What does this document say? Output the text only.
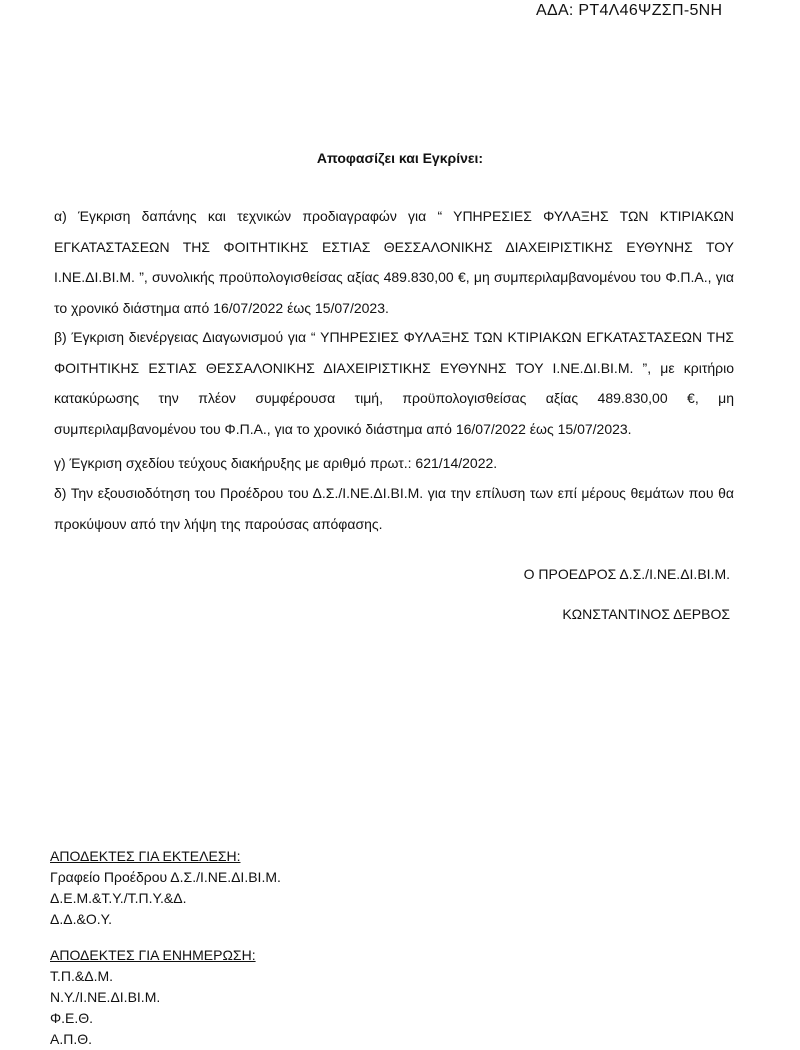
ΑΔΑ: ΡΤ4Λ46ΨΖΣΠ-5ΝΗ
Αποφασίζει και Εγκρίνει:

α) Έγκριση δαπάνης και τεχνικών προδιαγραφών για “ ΥΠΗΡΕΣΙΕΣ ΦΥΛΑΞΗΣ ΤΩΝ ΚΤΙΡΙΑΚΩΝ ΕΓΚΑΤΑΣΤΑΣΕΩΝ ΤΗΣ ΦΟΙΤΗΤΙΚΗΣ ΕΣΤΙΑΣ ΘΕΣΣΑΛΟΝΙΚΗΣ ΔΙΑΧΕΙΡΙΣΤΙΚΗΣ ΕΥΘΥΝΗΣ ΤΟΥ Ι.ΝΕ.ΔΙ.ΒΙ.Μ. ”, συνολικής προϋπολογισθείσας αξίας 489.830,00 €, μη συμπεριλαμβανομένου του Φ.Π.Α., για το χρονικό διάστημα από 16/07/2022 έως 15/07/2023.

β) Έγκριση διενέργειας Διαγωνισμού για “ ΥΠΗΡΕΣΙΕΣ ΦΥΛΑΞΗΣ ΤΩΝ ΚΤΙΡΙΑΚΩΝ ΕΓΚΑΤΑΣΤΑΣΕΩΝ ΤΗΣ ΦΟΙΤΗΤΙΚΗΣ ΕΣΤΙΑΣ ΘΕΣΣΑΛΟΝΙΚΗΣ ΔΙΑΧΕΙΡΙΣΤΙΚΗΣ ΕΥΘΥΝΗΣ ΤΟΥ Ι.ΝΕ.ΔΙ.ΒΙ.Μ. ”, με κριτήριο κατακύρωσης την πλέον συμφέρουσα τιμή, προϋπολογισθείσας αξίας 489.830,00 €, μη συμπεριλαμβανομένου του Φ.Π.Α., για το χρονικό διάστημα από 16/07/2022 έως 15/07/2023.

γ) Έγκριση σχεδίου τεύχους διακήρυξης με αριθμό πρωτ.: 621/14/2022.

δ) Την εξουσιοδότηση του Προέδρου του Δ.Σ./Ι.ΝΕ.ΔΙ.ΒΙ.Μ. για την επίλυση των επί μέρους θεμάτων που θα προκύψουν από την λήψη της παρούσας απόφασης.

Ο ΠΡΟΕΔΡΟΣ Δ.Σ./Ι.ΝΕ.ΔΙ.ΒΙ.Μ.
ΚΩΝΣΤΑΝΤΙΝΟΣ ΔΕΡΒΟΣ
ΑΠΟΔΕΚΤΕΣ ΓΙΑ ΕΚΤΕΛΕΣΗ:
Γραφείο Προέδρου Δ.Σ./Ι.ΝΕ.ΔΙ.ΒΙ.Μ.
Δ.Ε.Μ.&Τ.Υ./Τ.Π.Υ.&Δ.
Δ.Δ.&Ο.Υ.
ΑΠΟΔΕΚΤΕΣ ΓΙΑ ΕΝΗΜΕΡΩΣΗ:
Τ.Π.&Δ.Μ.
Ν.Υ./Ι.ΝΕ.ΔΙ.ΒΙ.Μ.
Φ.Ε.Θ.
Α.Π.Θ.
